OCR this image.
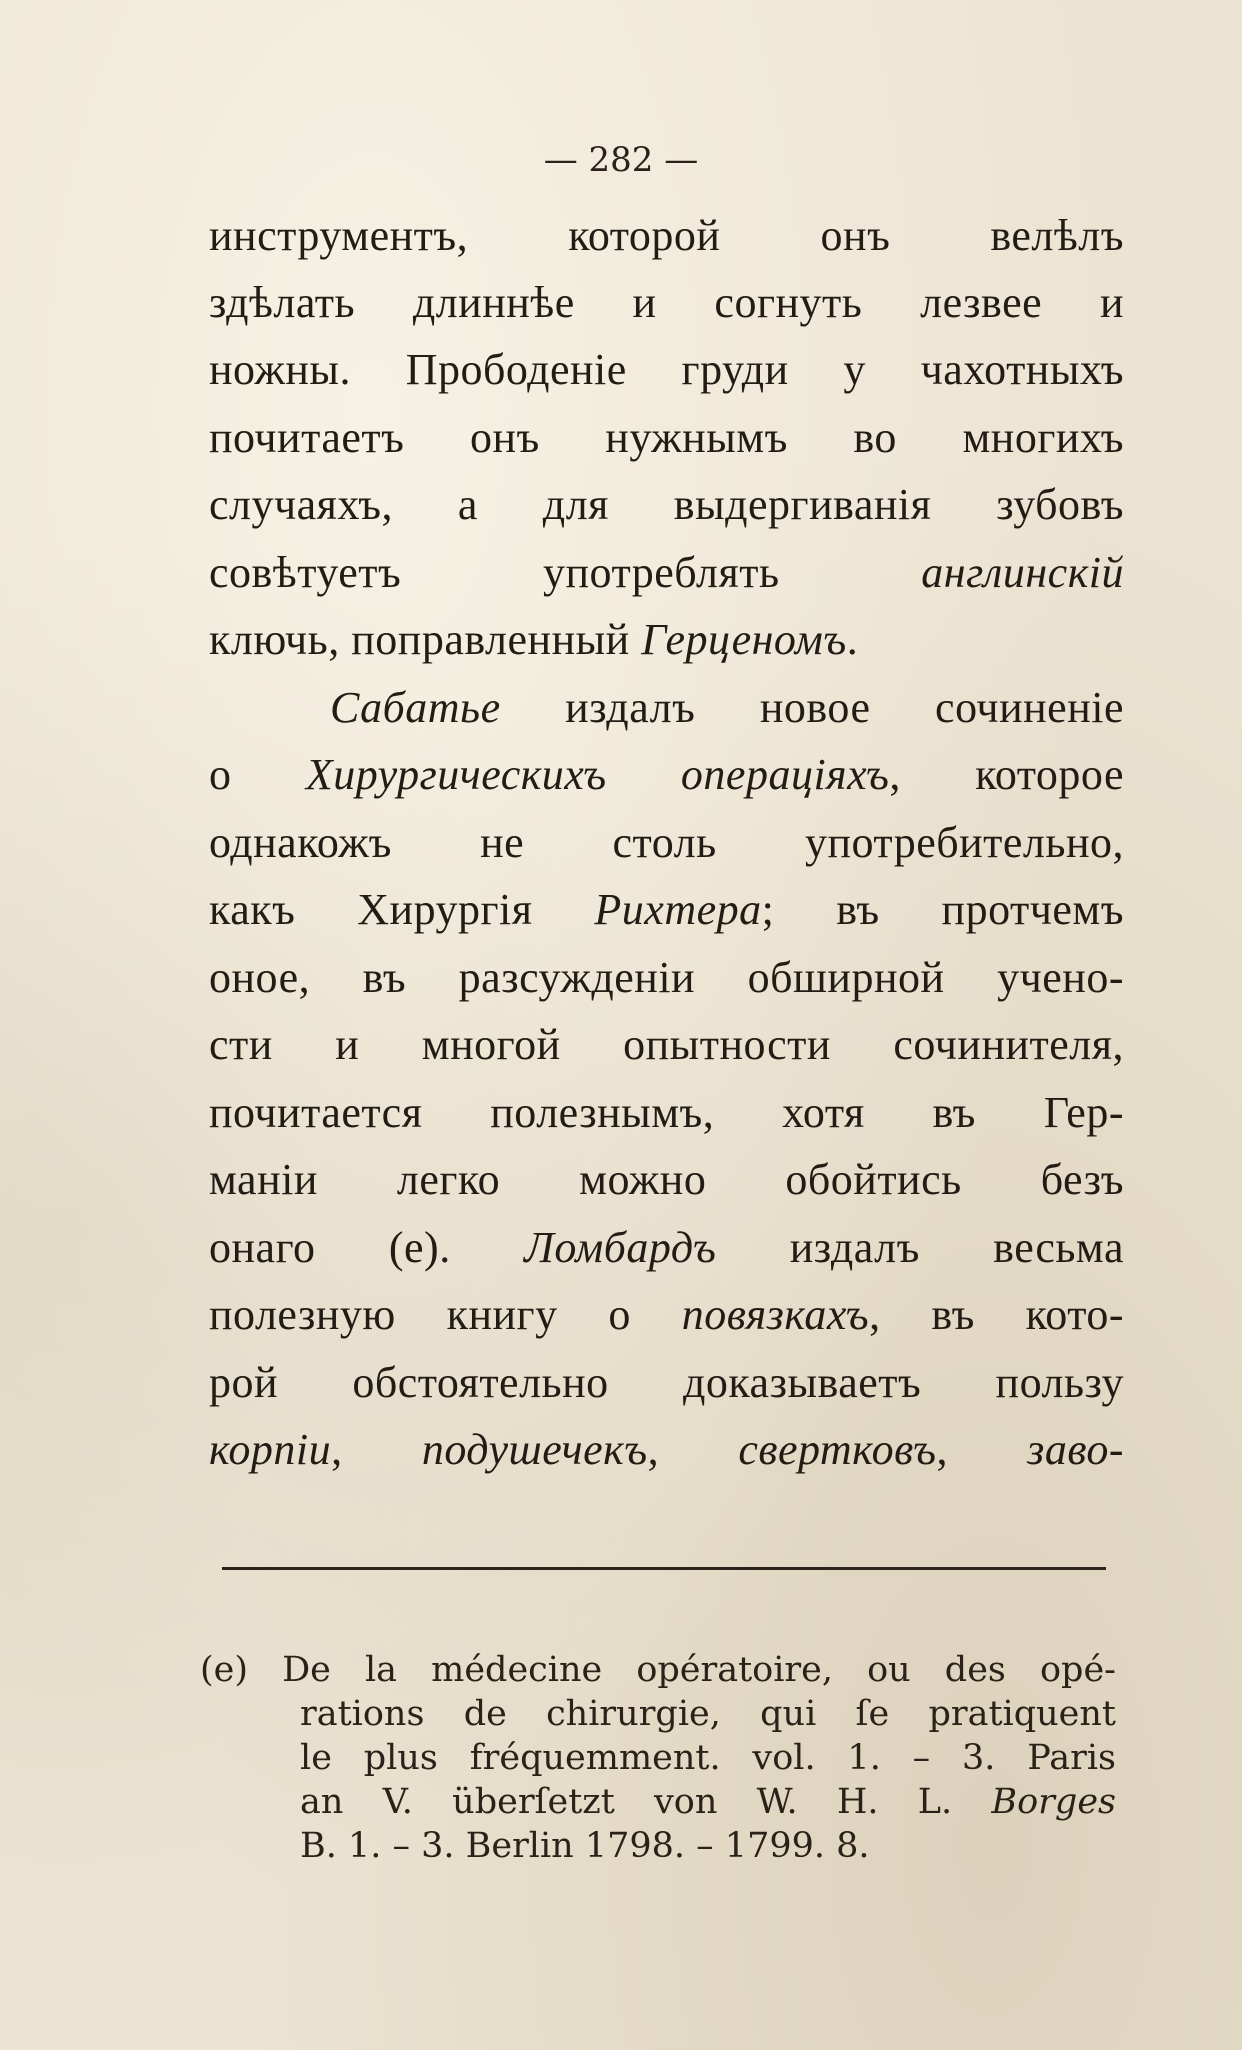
— 282 —
инструментъ, которой онъ велѣлъ
здѣлать длиннѣе и согнуть лезвее и
ножны. Прободеніе груди у чахотныхъ
почитаетъ онъ нужнымъ во многихъ
случаяхъ, а для выдергиванія зубовъ
совѣтуетъ употреблять англинскій
ключь, поправленный Герценомъ.
Сабатье издалъ новое сочиненіе
о Хирургическихъ операціяхъ, которое
однакожъ не столь употребительно,
какъ Хирургія Рихтера; въ протчемъ
оное, въ разсужденіи обширной учено-
сти и многой опытности сочинителя,
почитается полезнымъ, хотя въ Гер-
маніи легко можно обойтись безъ
онаго (е). Ломбардъ издалъ весьма
полезную книгу о повязкахъ, въ кото-
рой обстоятельно доказываетъ пользу
корпіи, подушечекъ, свертковъ, заво-
(e) De la médecine opératoire, ou des opé-
rations de chirurgie, qui ſe pratiquent
le plus fréquemment. vol. 1. – 3. Paris
an V. überſetzt von W. H. L. Borges
B. 1. – 3. Berlin 1798. – 1799. 8.
